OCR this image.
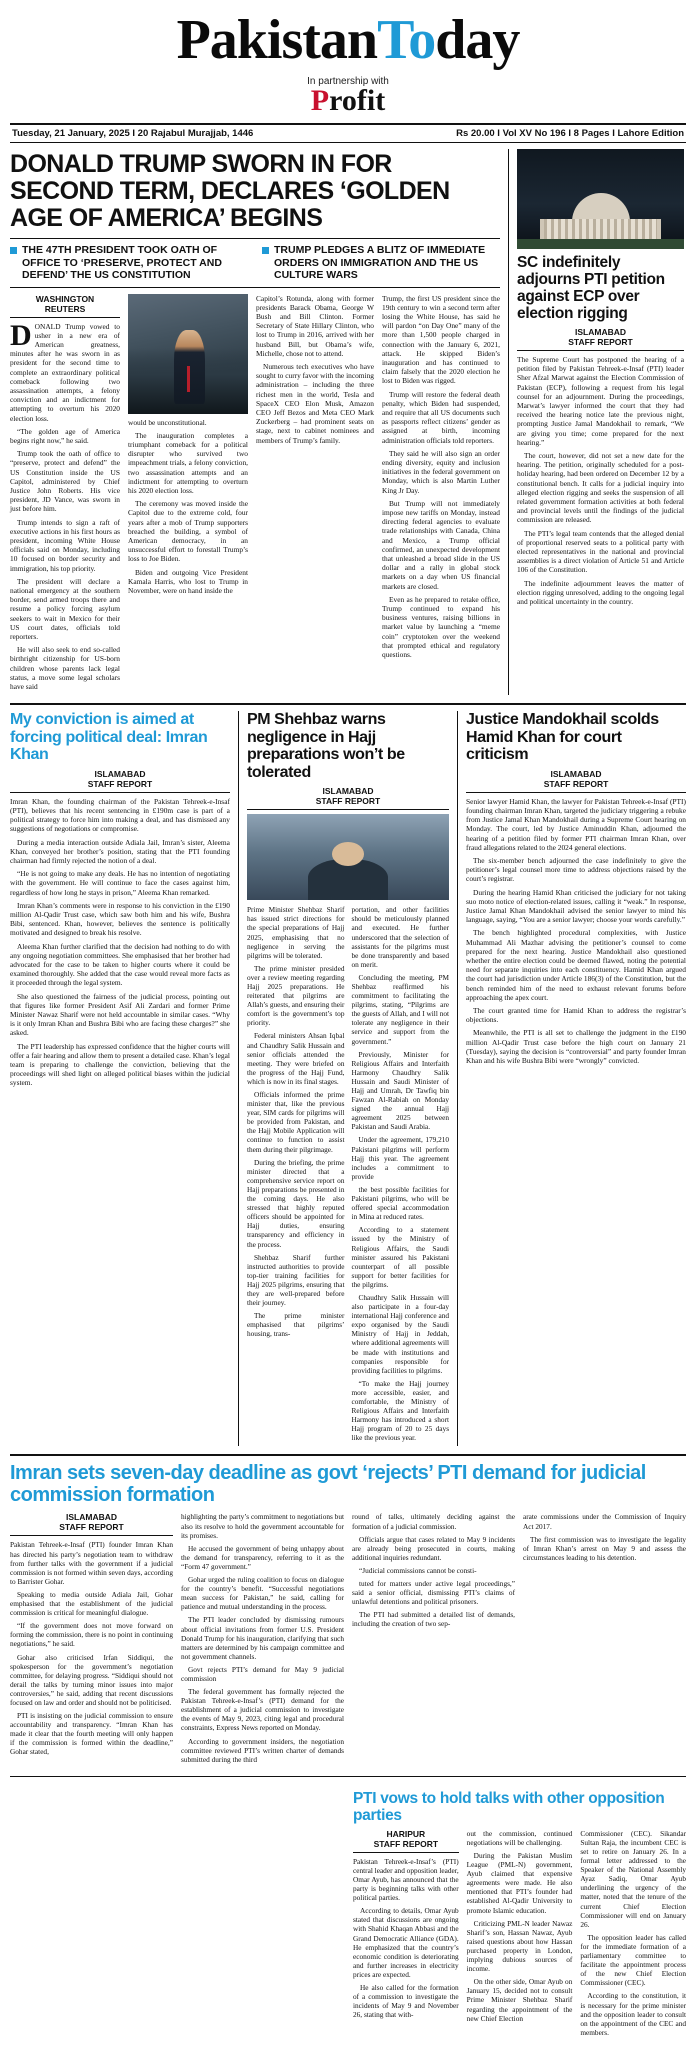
PakistanToday
In partnership with
Profit
Tuesday, 21 January, 2025 I 20 Rajabul Murajjab, 1446	Rs 20.00 I Vol XV No 196 I 8 Pages I Lahore Edition
DONALD TRUMP SWORN IN FOR SECOND TERM, DECLARES ‘GOLDEN AGE OF AMERICA’ BEGINS
THE 47TH PRESIDENT TOOK OATH OF OFFICE TO ‘PRESERVE, PROTECT AND DEFEND’ THE US CONSTITUTION
TRUMP PLEDGES A BLITZ OF IMMEDIATE ORDERS ON IMMIGRATION AND THE US CULTURE WARS
WASHINGTON
REUTERS

DONALD Trump vowed to usher in a new era of American greatness, minutes after he was sworn in as president for the second time to complete an extraordinary political comeback following two assassination attempts, a felony conviction and an indictment for attempting to overturn his 2020 election loss.

“The golden age of America begins right now,” he said.

Trump took the oath of office to “preserve, protect and defend” the US Constitution inside the US Capitol, administered by Chief Justice John Roberts. His vice president, JD Vance, was sworn in just before him.

Trump intends to sign a raft of executive actions in his first hours as president, incoming White House officials said on Monday, including 10 focused on border security and immigration, his top priority.

The president will declare a national emergency at the southern border, send armed troops there and resume a policy forcing asylum seekers to wait in Mexico for their US court dates, officials told reporters.

He will also seek to end so-called birthright citizenship for US-born children whose parents lack legal status, a move some legal scholars have said

would be unconstitutional.

The inauguration completes a triumphant comeback for a political disrupter who survived two impeachment trials, a felony conviction, two assassination attempts and an indictment for attempting to overturn his 2020 election loss.

The ceremony was moved inside the Capitol due to the extreme cold, four years after a mob of Trump supporters breached the building, a symbol of American democracy, in an unsuccessful effort to forestall Trump’s loss to Joe Biden.

Biden and outgoing Vice President Kamala Harris, who lost to Trump in November, were on hand inside the

Capitol’s Rotunda, along with former presidents Barack Obama, George W Bush and Bill Clinton. Former Secretary of State Hillary Clinton, who lost to Trump in 2016, arrived with her husband Bill, but Obama’s wife, Michelle, chose not to attend.

Numerous tech executives who have sought to curry favor with the incoming administration – including the three richest men in the world, Tesla and SpaceX CEO Elon Musk, Amazon CEO Jeff Bezos and Meta CEO Mark Zuckerberg – had prominent seats on stage, next to cabinet nominees and members of Trump’s family.

Trump, the first US president since the 19th century to win a second term after losing the White House, has said he will pardon “on Day One” many of the more than 1,500 people charged in connection with the January 6, 2021, attack. He skipped Biden’s inauguration and has continued to claim falsely that the 2020 election he lost to Biden was rigged.

Trump will restore the federal death penalty, which Biden had suspended, and require that all US documents such as passports reflect citizens’ gender as assigned at birth, incoming administration officials told reporters.

They said he will also sign an order ending diversity, equity and inclusion initiatives in the federal government on Monday, which is also Martin Luther King Jr Day.

But Trump will not immediately impose new tariffs on Monday, instead directing federal agencies to evaluate trade relationships with Canada, China and Mexico, a Trump official confirmed, an unexpected development that unleashed a broad slide in the US dollar and a rally in global stock markets on a day when US financial markets are closed.

Even as he prepared to retake office, Trump continued to expand his business ventures, raising billions in market value by launching a “meme coin” cryptotoken over the weekend that prompted ethical and regulatory questions.

SC indefinitely adjourns PTI petition against ECP over election rigging
ISLAMABAD
STAFF REPORT

The Supreme Court has postponed the hearing of a petition filed by Pakistan Tehreek-e-Insaf (PTI) leader Sher Afzal Marwat against the Election Commission of Pakistan (ECP), following a request from his legal counsel for an adjournment. During the proceedings, Marwat’s lawyer informed the court that they had received the hearing notice late the previous night, prompting Justice Jamal Mandokhail to remark, “We are giving you time; come prepared for the next hearing.”

The court, however, did not set a new date for the hearing. The petition, originally scheduled for a post-holiday hearing, had been ordered on December 12 by a constitutional bench. It calls for a judicial inquiry into alleged election rigging and seeks the suspension of all related government formation activities at both federal and provincial levels until the findings of the judicial commission are released.

The PTI’s legal team contends that the alleged denial of proportional reserved seats to a political party with elected representatives in the national and provincial assemblies is a direct violation of Article 51 and Article 106 of the Constitution.

The indefinite adjournment leaves the matter of election rigging unresolved, adding to the ongoing legal and political uncertainty in the country.

My conviction is aimed at forcing political deal: Imran Khan
ISLAMABAD
STAFF REPORT

Imran Khan, the founding chairman of the Pakistan Tehreek-e-Insaf (PTI), believes that his recent sentencing in £190m case is part of a political strategy to force him into making a deal, and has dismissed any suggestions of negotiations or compromise.

During a media interaction outside Adiala Jail, Imran’s sister, Aleema Khan, conveyed her brother’s position, stating that the PTI founding chairman had firmly rejected the notion of a deal.

“He is not going to make any deals. He has no intention of negotiating with the government. He will continue to face the cases against him, regardless of how long he stays in prison,” Aleema Khan remarked.

Imran Khan’s comments were in response to his conviction in the £190 million Al-Qadir Trust case, which saw both him and his wife, Bushra Bibi, sentenced. Khan, however, believes the sentence is politically motivated and designed to break his resolve.

Aleema Khan further clarified that the decision had nothing to do with any ongoing negotiation committees. She emphasised that her brother had advocated for the case to be taken to higher courts where it could be examined thoroughly. She added that the case would reveal more facts as it proceeded through the legal system.

She also questioned the fairness of the judicial process, pointing out that figures like former President Asif Ali Zardari and former Prime Minister Nawaz Sharif were not held accountable in similar cases. “Why is it only Imran Khan and Bushra Bibi who are facing these charges?” she asked.

The PTI leadership has expressed confidence that the higher courts will offer a fair hearing and allow them to present a detailed case. Khan’s legal team is preparing to challenge the conviction, believing that the proceedings will shed light on alleged political biases within the judicial system.

PM Shehbaz warns negligence in Hajj preparations won’t be tolerated
ISLAMABAD
STAFF REPORT

Prime Minister Shehbaz Sharif has issued strict directions for the special preparations of Hajj 2025, emphasising that no negligence in serving the pilgrims will be tolerated.

The prime minister presided over a review meeting regarding Hajj 2025 preparations. He reiterated that pilgrims are Allah’s guests, and ensuring their comfort is the government’s top priority.

Federal ministers Ahsan Iqbal and Chaudhry Salik Hussain and senior officials attended the meeting. They were briefed on the progress of the Hajj Fund, which is now in its final stages.

Officials informed the prime minister that, like the previous year, SIM cards for pilgrims will be provided from Pakistan, and the Hajj Mobile Application will continue to function to assist them during their pilgrimage.

During the briefing, the prime minister directed that a comprehensive service report on Hajj preparations be presented in the coming days. He also stressed that highly reputed officers should be appointed for Hajj duties, ensuring transparency and efficiency in the process.

Shehbaz Sharif further instructed authorities to provide top-tier training facilities for Hajj 2025 pilgrims, ensuring that they are well-prepared before their journey.

The prime minister emphasised that pilgrims’ housing, trans-

portation, and other facilities should be meticulously planned and executed. He further underscored that the selection of assistants for the pilgrims must be done transparently and based on merit.

Concluding the meeting, PM Shehbaz reaffirmed his commitment to facilitating the pilgrims, stating, “Pilgrims are the guests of Allah, and I will not tolerate any negligence in their service and support from the government.”

Previously, Minister for Religious Affairs and Interfaith Harmony Chaudhry Salik Hussain and Saudi Minister of Hajj and Umrah, Dr Tawfiq bin Fawzan Al-Rabiah on Monday signed the annual Hajj agreement 2025 between Pakistan and Saudi Arabia.

Under the agreement, 179,210 Pakistani pilgrims will perform Hajj this year. The agreement includes a commitment to provide

the best possible facilities for Pakistani pilgrims, who will be offered special accommodation in Mina at reduced rates.

According to a statement issued by the Ministry of Religious Affairs, the Saudi minister assured his Pakistani counterpart of all possible support for better facilities for the pilgrims.

Chaudhry Salik Hussain will also participate in a four-day international Hajj conference and expo organised by the Saudi Ministry of Hajj in Jeddah, where additional agreements will be made with institutions and companies responsible for providing facilities to pilgrims.

“To make the Hajj journey more accessible, easier, and comfortable, the Ministry of Religious Affairs and Interfaith Harmony has introduced a short Hajj program of 20 to 25 days like the previous year.

Justice Mandokhail scolds Hamid Khan for court criticism
ISLAMABAD
STAFF REPORT

Senior lawyer Hamid Khan, the lawyer for Pakistan Tehreek-e-Insaf (PTI) founding chairman Imran Khan, targeted the judiciary triggering a rebuke from Justice Jamal Khan Mandokhail during a Supreme Court hearing on Monday. The court, led by Justice Aminuddin Khan, adjourned the hearing of a petition filed by former PTI chairman Imran Khan, over fraud allegations related to the 2024 general elections.

The six-member bench adjourned the case indefinitely to give the petitioner’s legal counsel more time to address objections raised by the court’s registrar.

During the hearing Hamid Khan criticised the judiciary for not taking suo moto notice of election-related issues, calling it “weak.” In response, Justice Jamal Khan Mandokhail advised the senior lawyer to mind his language, saying, “You are a senior lawyer; choose your words carefully.”

The bench highlighted procedural complexities, with Justice Muhammad Ali Mazhar advising the petitioner’s counsel to come prepared for the next hearing. Justice Mandokhail also questioned whether the entire election could be deemed flawed, noting the potential need for separate inquiries into each constituency. Hamid Khan argued the court had jurisdiction under Article 186(3) of the Constitution, but the bench reminded him of the need to exhaust relevant forums before approaching the apex court.

The court granted time for Hamid Khan to address the registrar’s objections.

Meanwhile, the PTI is all set to challenge the judgment in the £190 million Al-Qadir Trust case before the high court on January 21 (Tuesday), saying the decision is “controversial” and party founder Imran Khan and his wife Bushra Bibi were “wrongly” convicted.

Imran sets seven-day deadline as govt ‘rejects’ PTI demand for judicial commission formation
ISLAMABAD
STAFF REPORT

Pakistan Tehreek-e-Insaf (PTI) founder Imran Khan has directed his party’s negotiation team to withdraw from further talks with the government if a judicial commission is not formed within seven days, according to Barrister Gohar.

Speaking to media outside Adiala Jail, Gohar emphasised that the establishment of the judicial commission is critical for meaningful dialogue.

“If the government does not move forward on forming the commission, there is no point in continuing negotiations,” he said.

Gohar also criticised Irfan Siddiqui, the spokesperson for the government’s negotiation committee, for delaying progress. “Siddiqui should not derail the talks by turning minor issues into major controversies,” he said, adding that recent discussions focused on law and order and should not be politicised.

PTI is insisting on the judicial commission to ensure accountability and transparency. “Imran Khan has made it clear that the fourth meeting will only happen if the commission is formed within the deadline,” Gohar stated,

highlighting the party’s commitment to negotiations but also its resolve to hold the government accountable for its promises.

He accused the government of being unhappy about the demand for transparency, referring to it as the “Form 47 government.”

Gohar urged the ruling coalition to focus on dialogue for the country’s benefit. “Successful negotiations mean success for Pakistan,” he said, calling for patience and mutual understanding in the process.

The PTI leader concluded by dismissing rumours about official invitations from former U.S. President Donald Trump for his inauguration, clarifying that such matters are determined by his campaign committee and not government channels.

Govt rejects PTI’s demand for May 9 judicial commission

The federal government has formally rejected the Pakistan Tehreek-e-Insaf’s (PTI) demand for the establishment of a judicial commission to investigate the events of May 9, 2023, citing legal and procedural constraints, Express News reported on Monday.

According to government insiders, the negotiation committee reviewed PTI’s written charter of demands submitted during the third

round of talks, ultimately deciding against the formation of a judicial commission.

Officials argue that cases related to May 9 incidents are already being prosecuted in courts, making additional inquiries redundant.

“Judicial commissions cannot be consti-

tuted for matters under active legal proceedings,” said a senior official, dismissing PTI’s claims of unlawful detentions and political prisoners.

The PTI had submitted a detailed list of demands, including the creation of two sep-

arate commissions under the Commission of Inquiry Act 2017.

The first commission was to investigate the legality of Imran Khan’s arrest on May 9 and assess the circumstances leading to his detention.

PTI vows to hold talks with other opposition parties
HARIPUR
STAFF REPORT

Pakistan Tehreek-e-Insaf’s (PTI) central leader and opposition leader, Omar Ayub, has announced that the party is beginning talks with other political parties.

According to details, Omar Ayub stated that discussions are ongoing with Shahid Khaqan Abbasi and the Grand Democratic Alliance (GDA). He emphasized that the country’s economic condition is deteriorating and further increases in electricity prices are expected.

He also called for the formation of a commission to investigate the incidents of May 9 and November 26, stating that with-

out the commission, continued negotiations will be challenging.

During the Pakistan Muslim League (PML-N) government, Ayub claimed that expensive agreements were made. He also mentioned that PTI’s founder had established Al-Qadir University to promote Islamic education.

Criticizing PML-N leader Nawaz Sharif’s son, Hassan Nawaz, Ayub raised questions about how Hassan purchased property in London, implying dubious sources of income.

On the other side, Omar Ayub on January 15, decided not to consult Prime Minister Shehbaz Sharif regarding the appointment of the new Chief Election

Commissioner (CEC). Sikandar Sultan Raja, the incumbent CEC is set to retire on January 26. In a formal letter addressed to the Speaker of the National Assembly Ayaz Sadiq, Omar Ayub underlining the urgency of the matter, noted that the tenure of the current Chief Election Commissioner will end on January 26.

The opposition leader has called for the immediate formation of a parliamentary committee to facilitate the appointment process of the new Chief Election Commissioner (CEC).

According to the constitution, it is necessary for the prime minister and the opposition leader to consult on the appointment of the CEC and members.
